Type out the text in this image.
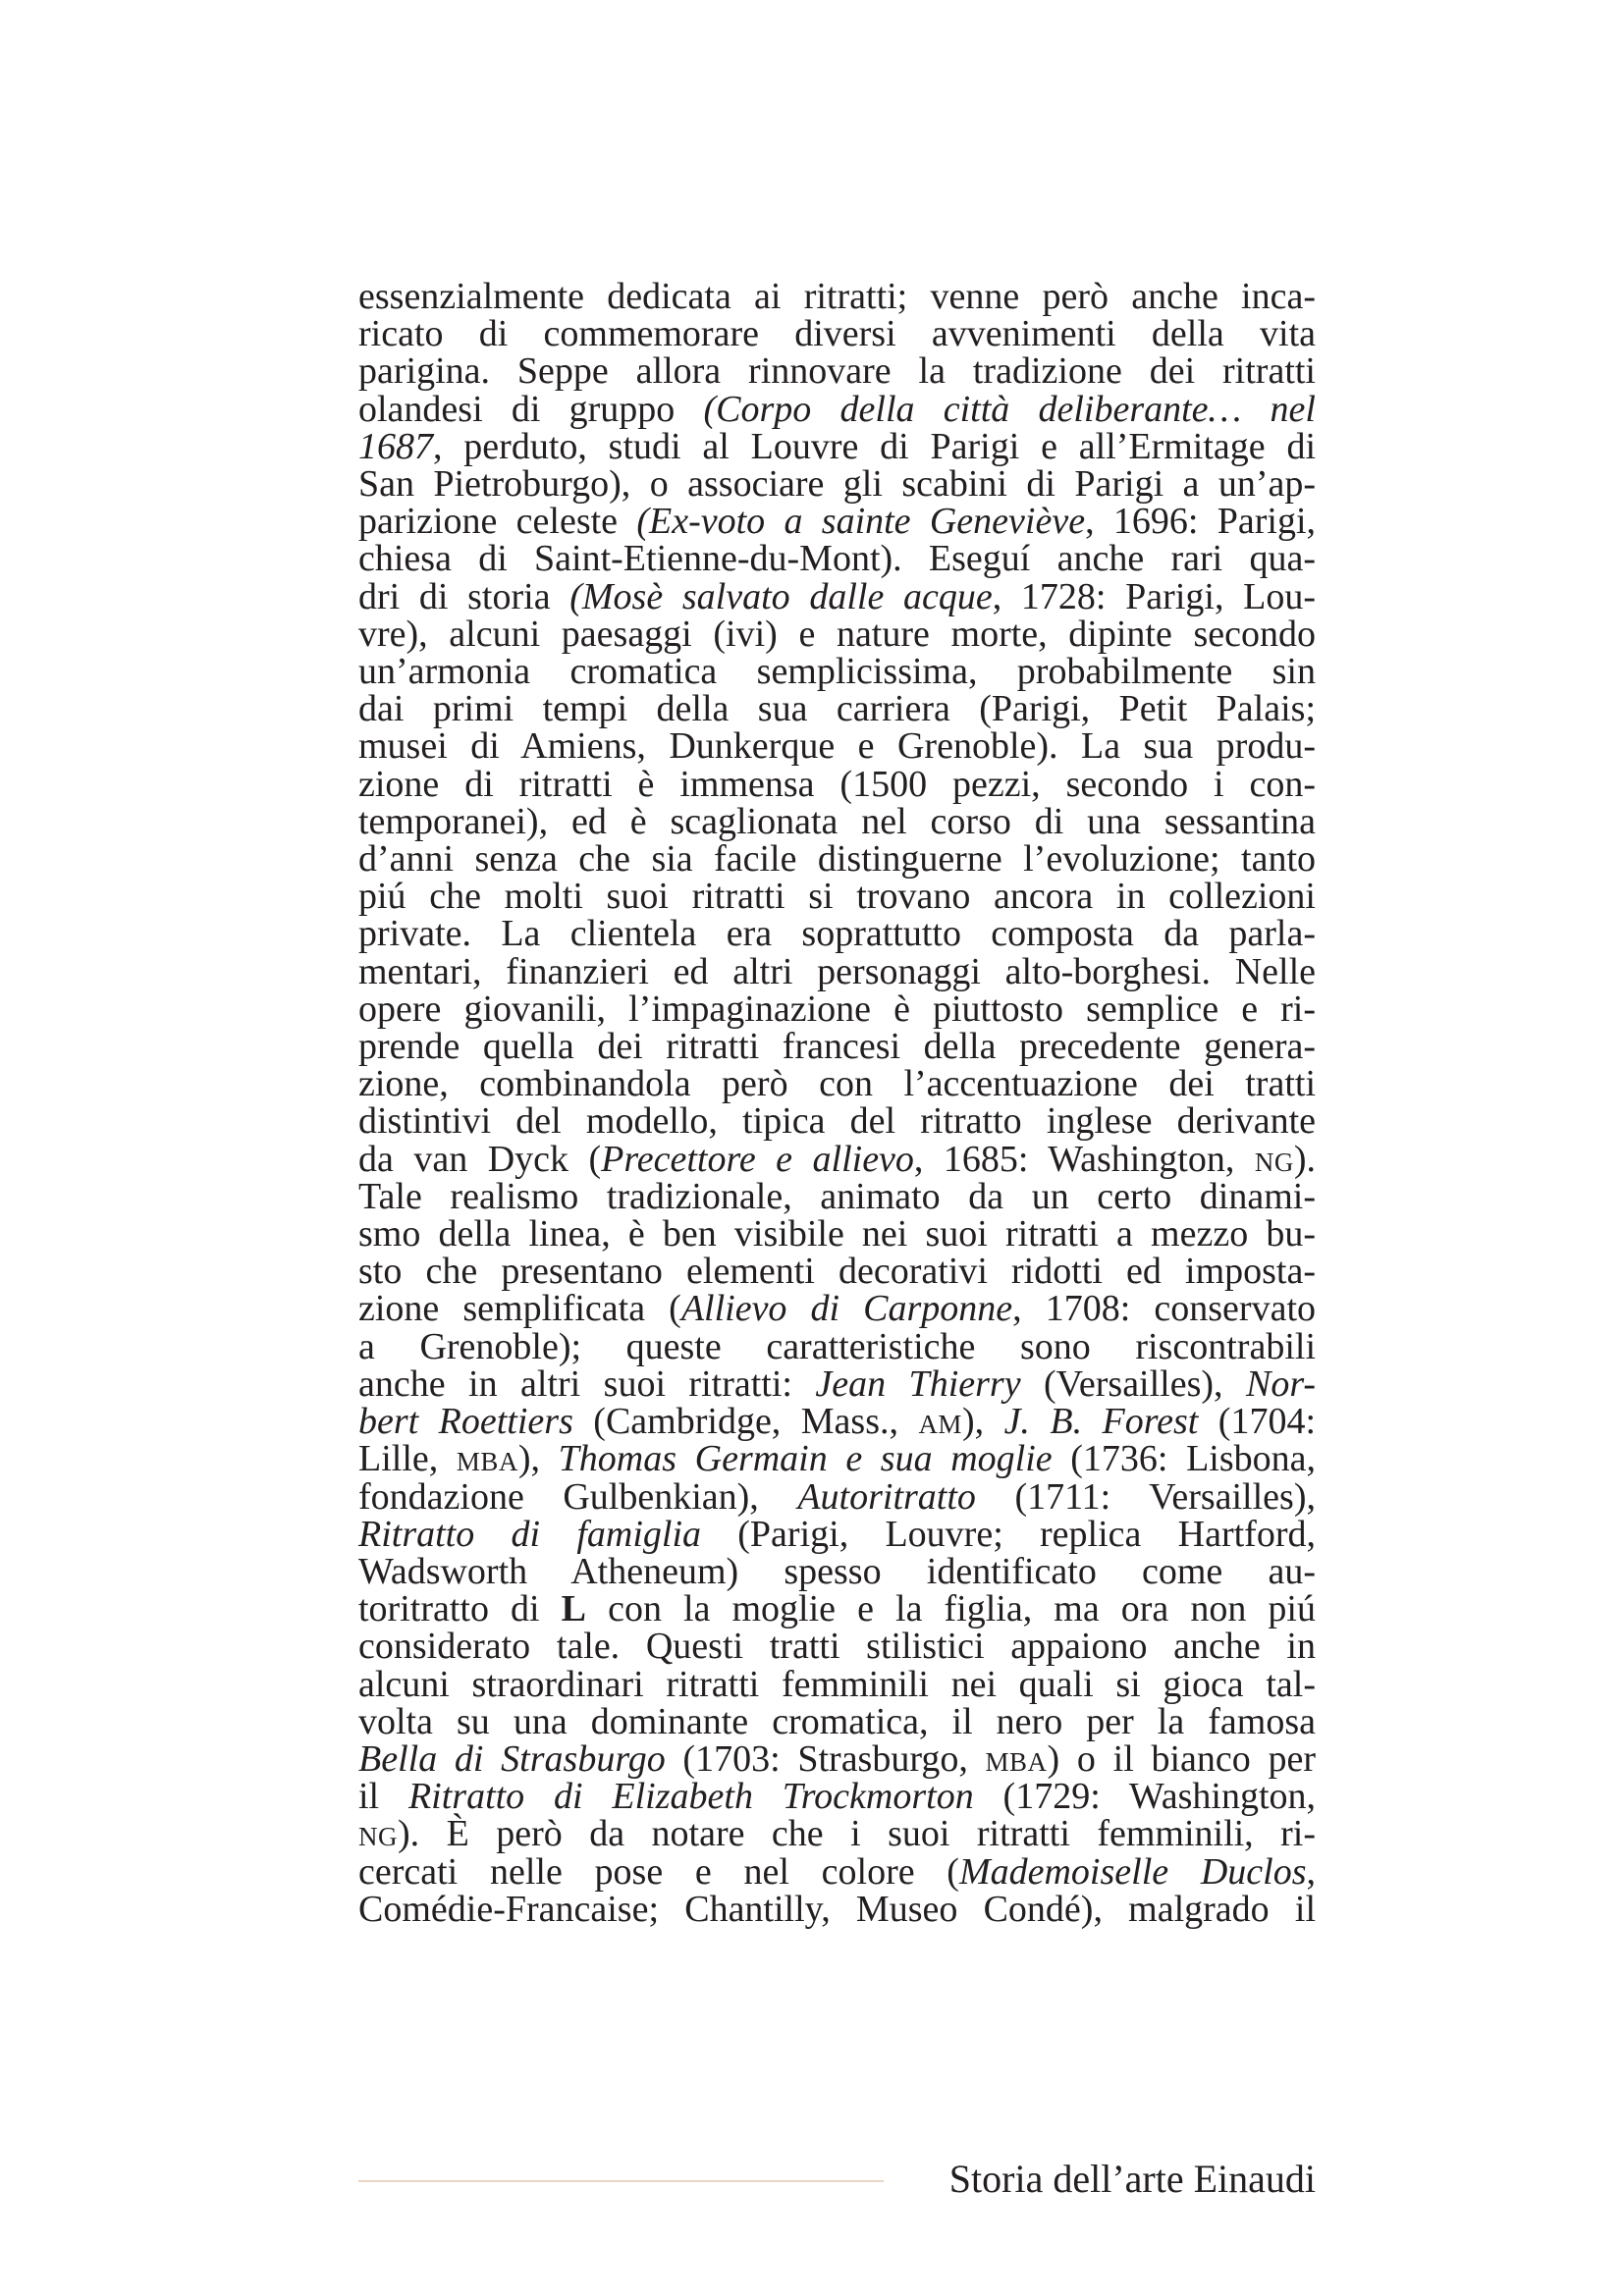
essenzialmente dedicata ai ritratti; venne però anche inca-
ricato di commemorare diversi avvenimenti della vita
parigina. Seppe allora rinnovare la tradizione dei ritratti
olandesi di gruppo (Corpo della città deliberante… nel
1687, perduto, studi al Louvre di Parigi e all’Ermitage di
San Pietroburgo), o associare gli scabini di Parigi a un’ap-
parizione celeste (Ex-voto a sainte Geneviève, 1696: Parigi,
chiesa di Saint-Etienne-du-Mont). Eseguí anche rari qua-
dri di storia (Mosè salvato dalle acque, 1728: Parigi, Lou-
vre), alcuni paesaggi (ivi) e nature morte, dipinte secondo
un’armonia cromatica semplicissima, probabilmente sin
dai primi tempi della sua carriera (Parigi, Petit Palais;
musei di Amiens, Dunkerque e Grenoble). La sua produ-
zione di ritratti è immensa (1500 pezzi, secondo i con-
temporanei), ed è scaglionata nel corso di una sessantina
d’anni senza che sia facile distinguerne l’evoluzione; tanto
piú che molti suoi ritratti si trovano ancora in collezioni
private. La clientela era soprattutto composta da parla-
mentari, finanzieri ed altri personaggi alto-borghesi. Nelle
opere giovanili, l’impaginazione è piuttosto semplice e ri-
prende quella dei ritratti francesi della precedente genera-
zione, combinandola però con l’accentuazione dei tratti
distintivi del modello, tipica del ritratto inglese derivante
da van Dyck (Precettore e allievo, 1685: Washington, ng).
Tale realismo tradizionale, animato da un certo dinami-
smo della linea, è ben visibile nei suoi ritratti a mezzo bu-
sto che presentano elementi decorativi ridotti ed imposta-
zione semplificata (Allievo di Carponne, 1708: conservato
a Grenoble); queste caratteristiche sono riscontrabili
anche in altri suoi ritratti: Jean Thierry (Versailles), Nor-
bert Roettiers (Cambridge, Mass., am), J. B. Forest (1704:
Lille, mba), Thomas Germain e sua moglie (1736: Lisbona,
fondazione Gulbenkian), Autoritratto (1711: Versailles),
Ritratto di famiglia (Parigi, Louvre; replica Hartford,
Wadsworth Atheneum) spesso identificato come au-
toritratto di L con la moglie e la figlia, ma ora non piú
considerato tale. Questi tratti stilistici appaiono anche in
alcuni straordinari ritratti femminili nei quali si gioca tal-
volta su una dominante cromatica, il nero per la famosa
Bella di Strasburgo (1703: Strasburgo, mba) o il bianco per
il Ritratto di Elizabeth Trockmorton (1729: Washington,
ng). È però da notare che i suoi ritratti femminili, ri-
cercati nelle pose e nel colore (Mademoiselle Duclos,
Comédie-Francaise; Chantilly, Museo Condé), malgrado il
Storia dell’arte Einaudi
